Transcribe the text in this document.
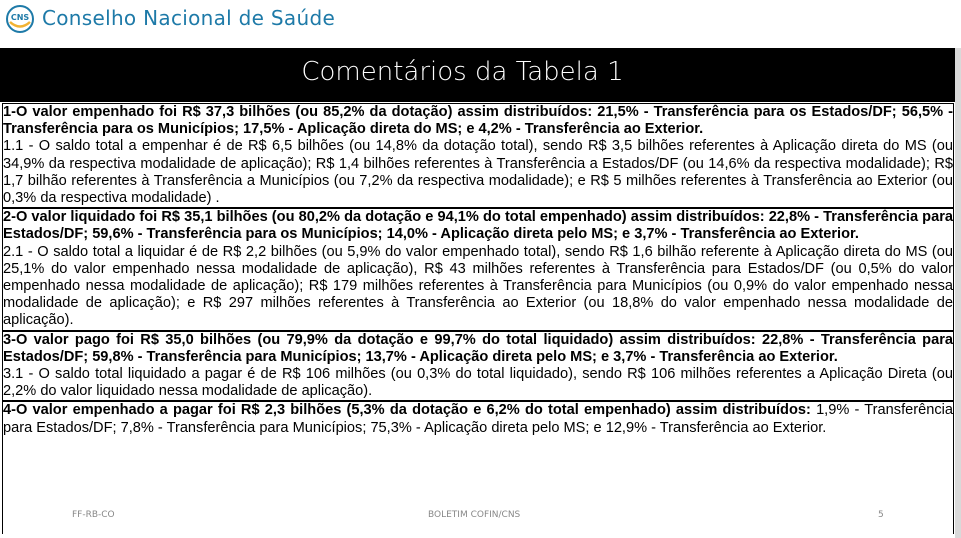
CNS Conselho Nacional de Saúde
Comentários da Tabela 1

1-O valor empenhado foi R$ 37,3 bilhões (ou 85,2% da dotação) assim distribuídos: 21,5% - Transferência para os Estados/DF; 56,5% - Transferência para os Municípios; 17,5% - Aplicação direta do MS; e 4,2% - Transferência ao Exterior.

1.1 - O saldo total a empenhar é de R$ 6,5 bilhões (ou 14,8% da dotação total), sendo R$ 3,5 bilhões referentes à Aplicação direta do MS (ou 34,9% da respectiva modalidade de aplicação); R$ 1,4 bilhões referentes à Transferência a Estados/DF (ou 14,6% da respectiva modalidade); R$ 1,7 bilhão referentes à Transferência a Municípios (ou 7,2% da respectiva modalidade); e R$ 5 milhões referentes à Transferência ao Exterior (ou 0,3% da respectiva modalidade) .

2-O valor liquidado foi R$ 35,1 bilhões (ou 80,2% da dotação e 94,1% do total empenhado) assim distribuídos: 22,8% - Transferência para Estados/DF; 59,6% - Transferência para os Municípios; 14,0% - Aplicação direta pelo MS; e 3,7% - Transferência ao Exterior.

2.1 - O saldo total a liquidar é de R$ 2,2 bilhões (ou 5,9% do valor empenhado total), sendo R$ 1,6 bilhão referente à Aplicação direta do MS (ou 25,1% do valor empenhado nessa modalidade de aplicação), R$ 43 milhões referentes à Transferência para Estados/DF (ou 0,5% do valor empenhado nessa modalidade de aplicação); R$ 179 milhões referentes à Transferência para Municípios (ou 0,9% do valor empenhado nessa modalidade de aplicação); e R$ 297 milhões referentes à Transferência ao Exterior (ou 18,8% do valor empenhado nessa modalidade de aplicação).

3-O valor pago foi R$ 35,0 bilhões (ou 79,9% da dotação e 99,7% do total liquidado) assim distribuídos: 22,8% - Transferência para Estados/DF; 59,8% - Transferência para Municípios; 13,7% - Aplicação direta pelo MS; e 3,7% - Transferência ao Exterior.

3.1 - O saldo total liquidado a pagar é de R$ 106 milhões (ou 0,3% do total liquidado), sendo R$ 106 milhões referentes a Aplicação Direta (ou 2,2% do valor liquidado nessa modalidade de aplicação).

4-O valor empenhado a pagar foi R$ 2,3 bilhões (5,3% da dotação e 6,2% do total empenhado) assim distribuídos: 1,9% - Transferência para Estados/DF; 7,8% - Transferência para Municípios; 75,3% - Aplicação direta pelo MS; e 12,9% - Transferência ao Exterior.

FF-RB-CO	BOLETIM COFIN/CNS	5
